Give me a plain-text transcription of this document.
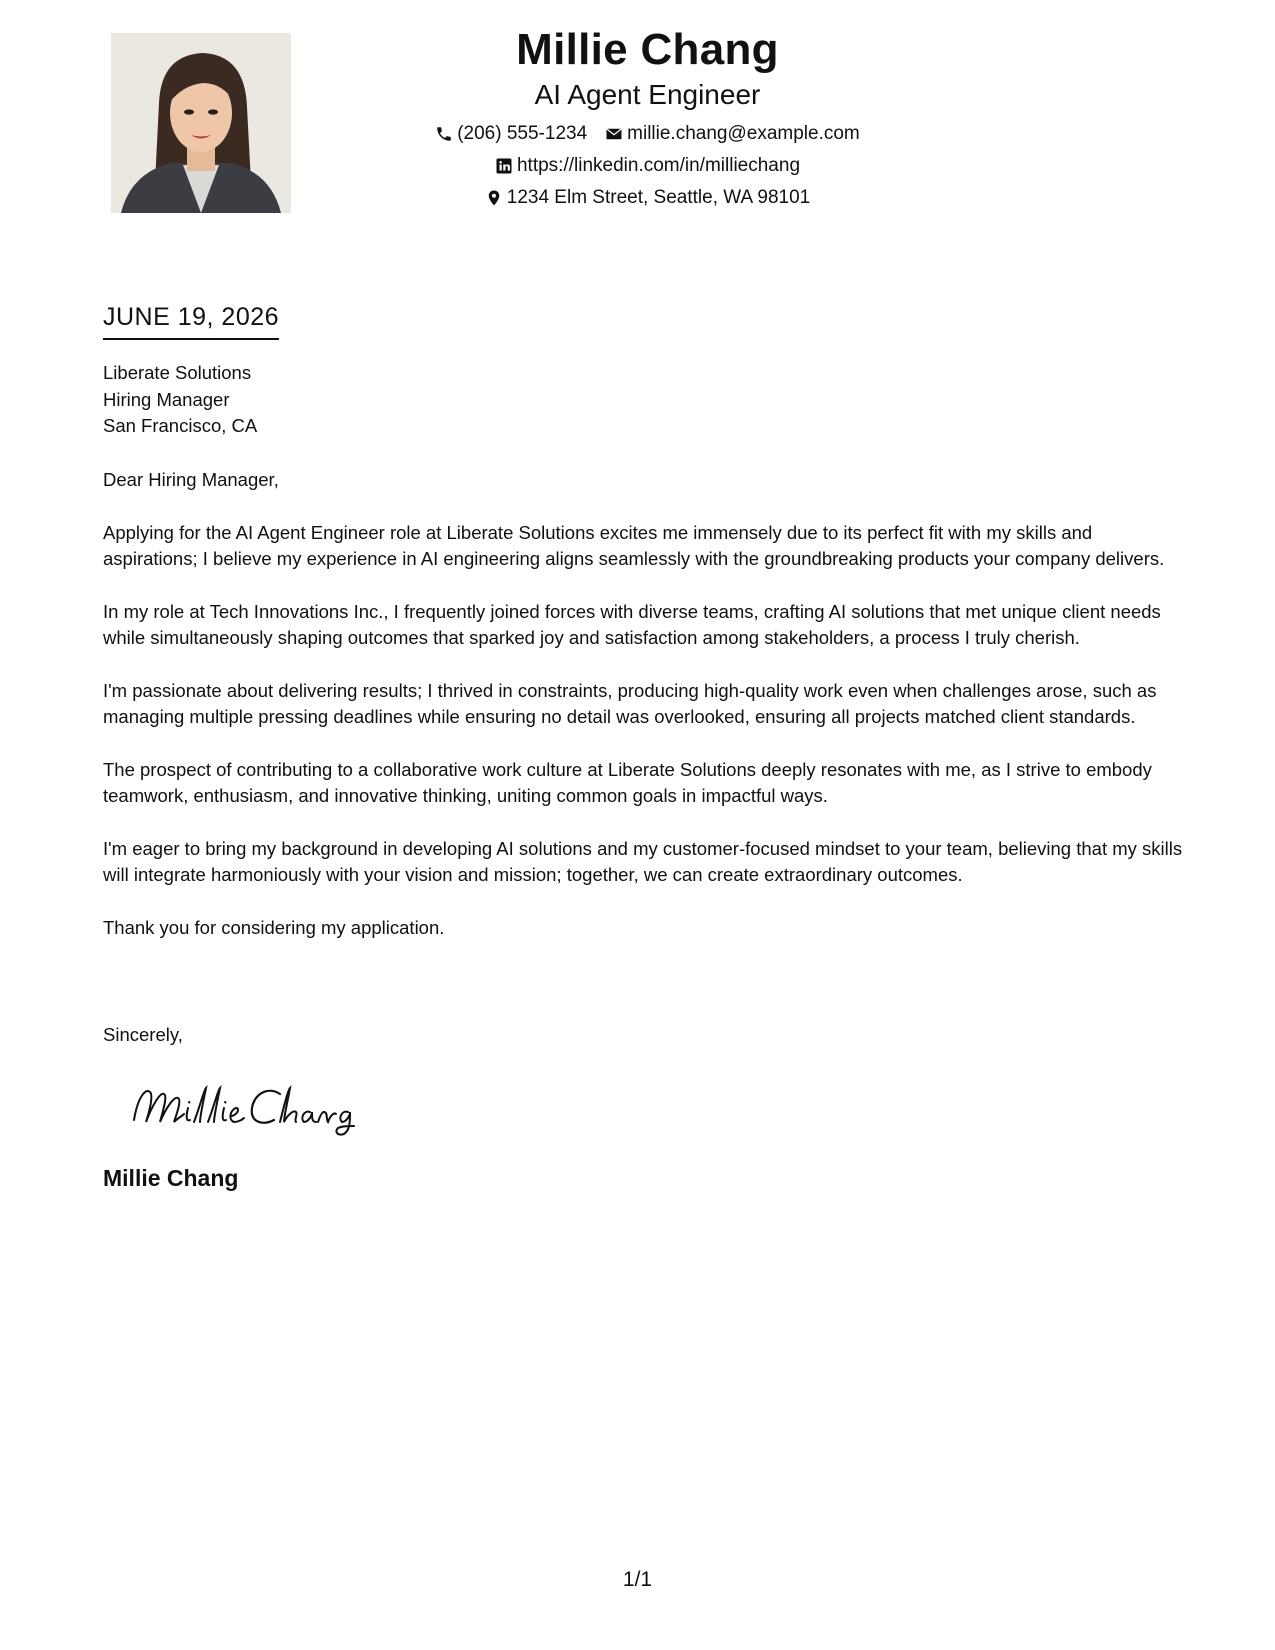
Millie Chang
AI Agent Engineer
(206) 555-1234 millie.chang@example.com
https://linkedin.com/in/milliechang
1234 Elm Street, Seattle, WA 98101
JUNE 19, 2026
Liberate Solutions
Hiring Manager
San Francisco, CA

Dear Hiring Manager,

Applying for the AI Agent Engineer role at Liberate Solutions excites me immensely due to its perfect fit with my skills and aspirations; I believe my experience in AI engineering aligns seamlessly with the groundbreaking products your company delivers.

In my role at Tech Innovations Inc., I frequently joined forces with diverse teams, crafting AI solutions that met unique client needs while simultaneously shaping outcomes that sparked joy and satisfaction among stakeholders, a process I truly cherish.

I'm passionate about delivering results; I thrived in constraints, producing high-quality work even when challenges arose, such as managing multiple pressing deadlines while ensuring no detail was overlooked, ensuring all projects matched client standards.

The prospect of contributing to a collaborative work culture at Liberate Solutions deeply resonates with me, as I strive to embody teamwork, enthusiasm, and innovative thinking, uniting common goals in impactful ways.

I'm eager to bring my background in developing AI solutions and my customer-focused mindset to your team, believing that my skills will integrate harmoniously with your vision and mission; together, we can create extraordinary outcomes.

Thank you for considering my application.

Sincerely,
Millie Chang
1/1
